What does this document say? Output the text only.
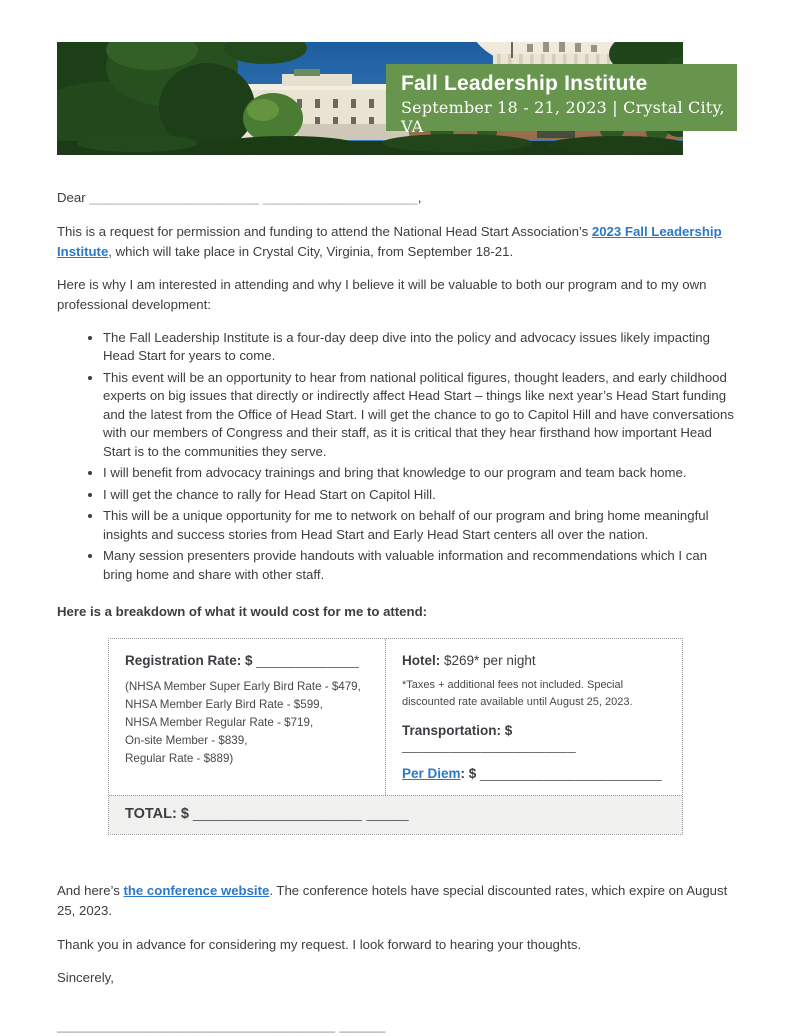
Fall Leadership Institute
September 18 - 21, 2023 | Crystal City, VA

Dear ______________________ ____________________,

This is a request for permission and funding to attend the National Head Start Association’s 2023 Fall Leadership Institute, which will take place in Crystal City, Virginia, from September 18-21.

Here is why I am interested in attending and why I believe it will be valuable to both our program and to my own professional development:

• The Fall Leadership Institute is a four-day deep dive into the policy and advocacy issues likely impacting Head Start for years to come.
• This event will be an opportunity to hear from national political figures, thought leaders, and early childhood experts on big issues that directly or indirectly affect Head Start – things like next year’s Head Start funding and the latest from the Office of Head Start. I will get the chance to go to Capitol Hill and have conversations with our members of Congress and their staff, as it is critical that they hear firsthand how important Head Start is to the communities they serve.
• I will benefit from advocacy trainings and bring that knowledge to our program and team back home.
• I will get the chance to rally for Head Start on Capitol Hill.
• This will be a unique opportunity for me to network on behalf of our program and bring home meaningful insights and success stories from Head Start and Early Head Start centers all over the nation.
• Many session presenters provide handouts with valuable information and recommendations which I can bring home and share with other staff.

Here is a breakdown of what it would cost for me to attend:

Registration Rate: $ _____________
(NHSA Member Super Early Bird Rate - $479,
NHSA Member Early Bird Rate - $599,
NHSA Member Regular Rate - $719,
On-site Member - $839,
Regular Rate - $889)
Hotel: $269* per night
*Taxes + additional fees not included. Special discounted rate available until August 25, 2023.
Transportation: $ ______________________
Per Diem: $ _______________________
TOTAL: $ ____________________ _____

And here’s the conference website. The conference hotels have special discounted rates, which expire on August 25, 2023.

Thank you in advance for considering my request. I look forward to hearing your thoughts.

Sincerely,

____________________________________ ______
